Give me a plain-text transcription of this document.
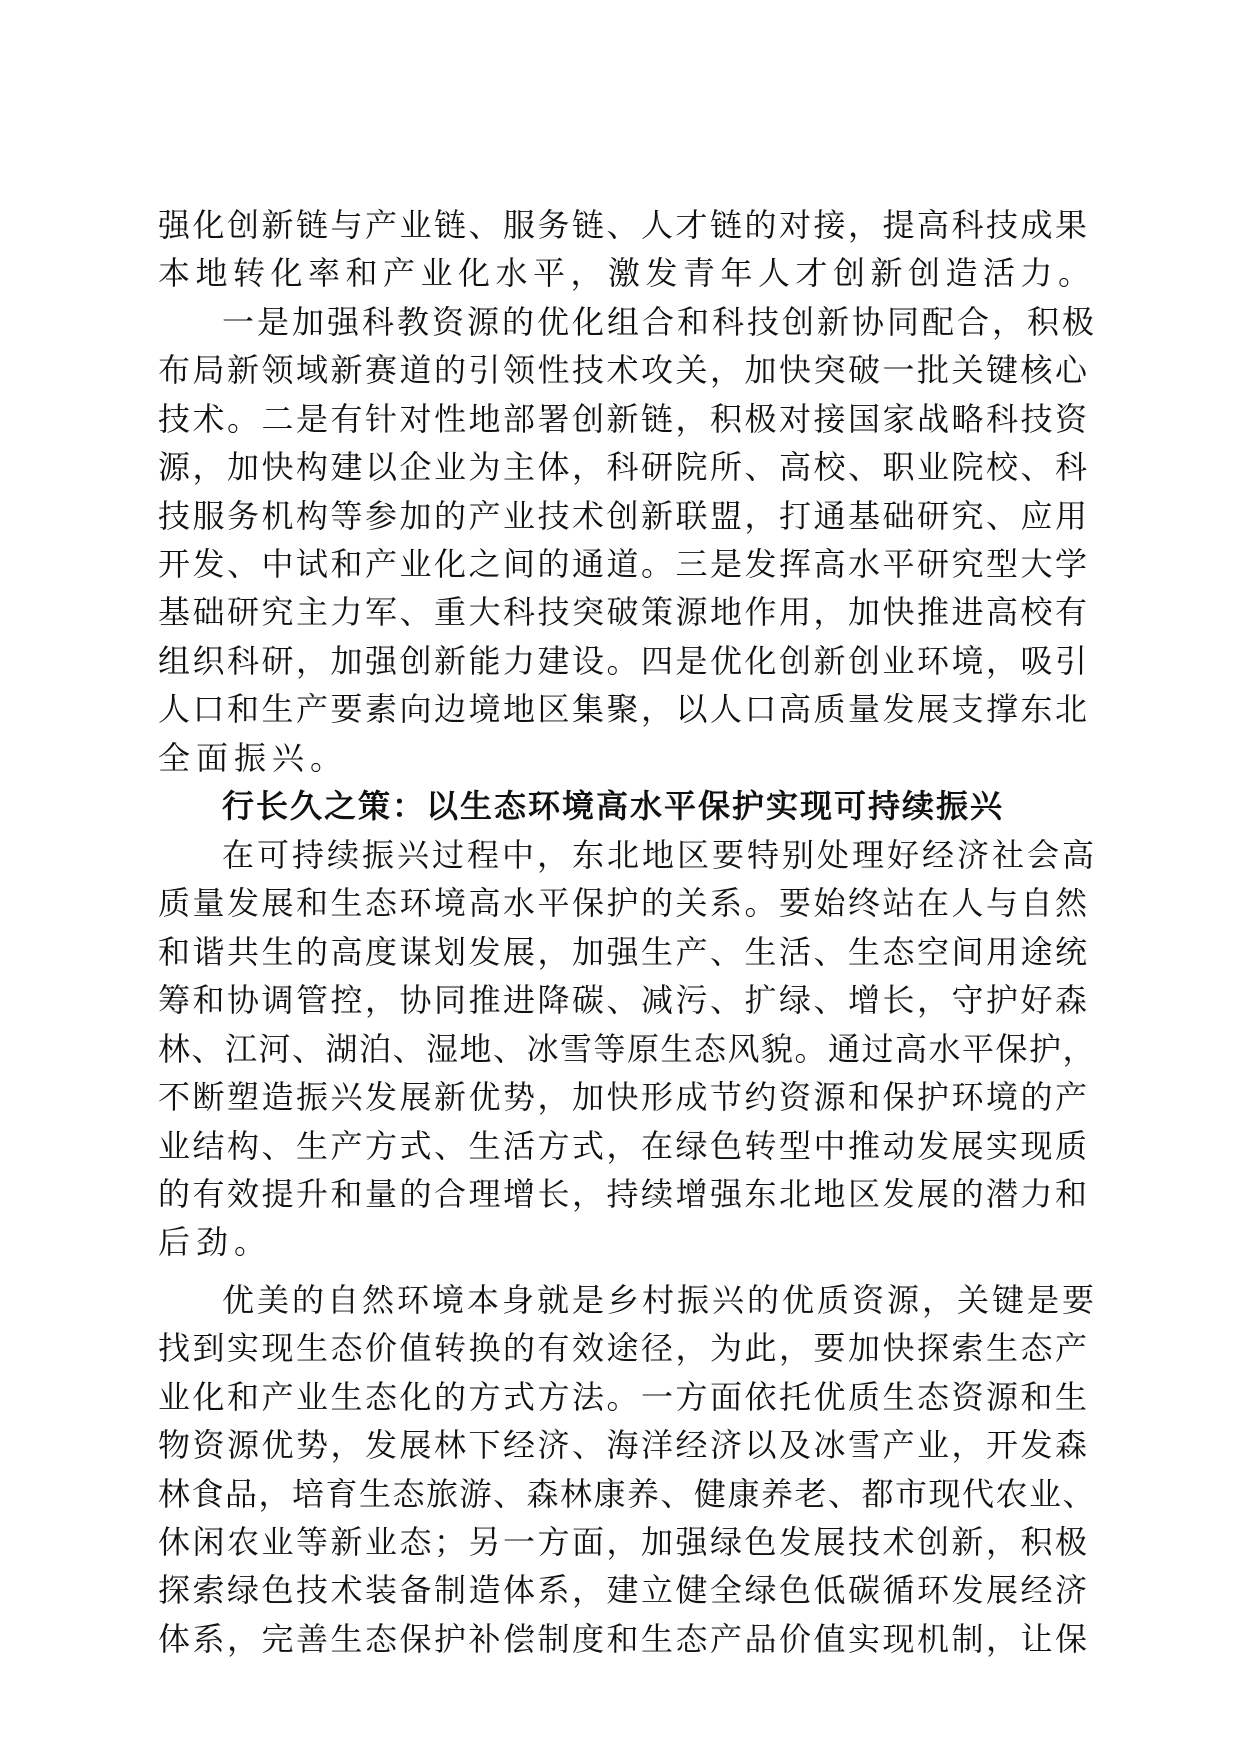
强化创新链与产业链、服务链、人才链的对接，提高科技成果
本地转化率和产业化水平，激发青年人才创新创造活力。
一是加强科教资源的优化组合和科技创新协同配合，积极
布局新领域新赛道的引领性技术攻关，加快突破一批关键核心
技术。二是有针对性地部署创新链，积极对接国家战略科技资
源，加快构建以企业为主体，科研院所、高校、职业院校、科
技服务机构等参加的产业技术创新联盟，打通基础研究、应用
开发、中试和产业化之间的通道。三是发挥高水平研究型大学
基础研究主力军、重大科技突破策源地作用，加快推进高校有
组织科研，加强创新能力建设。四是优化创新创业环境，吸引
人口和生产要素向边境地区集聚，以人口高质量发展支撑东北
全面振兴。
行长久之策：以生态环境高水平保护实现可持续振兴
在可持续振兴过程中，东北地区要特别处理好经济社会高
质量发展和生态环境高水平保护的关系。要始终站在人与自然
和谐共生的高度谋划发展，加强生产、生活、生态空间用途统
筹和协调管控，协同推进降碳、减污、扩绿、增长，守护好森
林、江河、湖泊、湿地、冰雪等原生态风貌。通过高水平保护，
不断塑造振兴发展新优势，加快形成节约资源和保护环境的产
业结构、生产方式、生活方式，在绿色转型中推动发展实现质
的有效提升和量的合理增长，持续增强东北地区发展的潜力和
后劲。
优美的自然环境本身就是乡村振兴的优质资源，关键是要
找到实现生态价值转换的有效途径，为此，要加快探索生态产
业化和产业生态化的方式方法。一方面依托优质生态资源和生
物资源优势，发展林下经济、海洋经济以及冰雪产业，开发森
林食品，培育生态旅游、森林康养、健康养老、都市现代农业、
休闲农业等新业态；另一方面，加强绿色发展技术创新，积极
探索绿色技术装备制造体系，建立健全绿色低碳循环发展经济
体系，完善生态保护补偿制度和生态产品价值实现机制，让保
